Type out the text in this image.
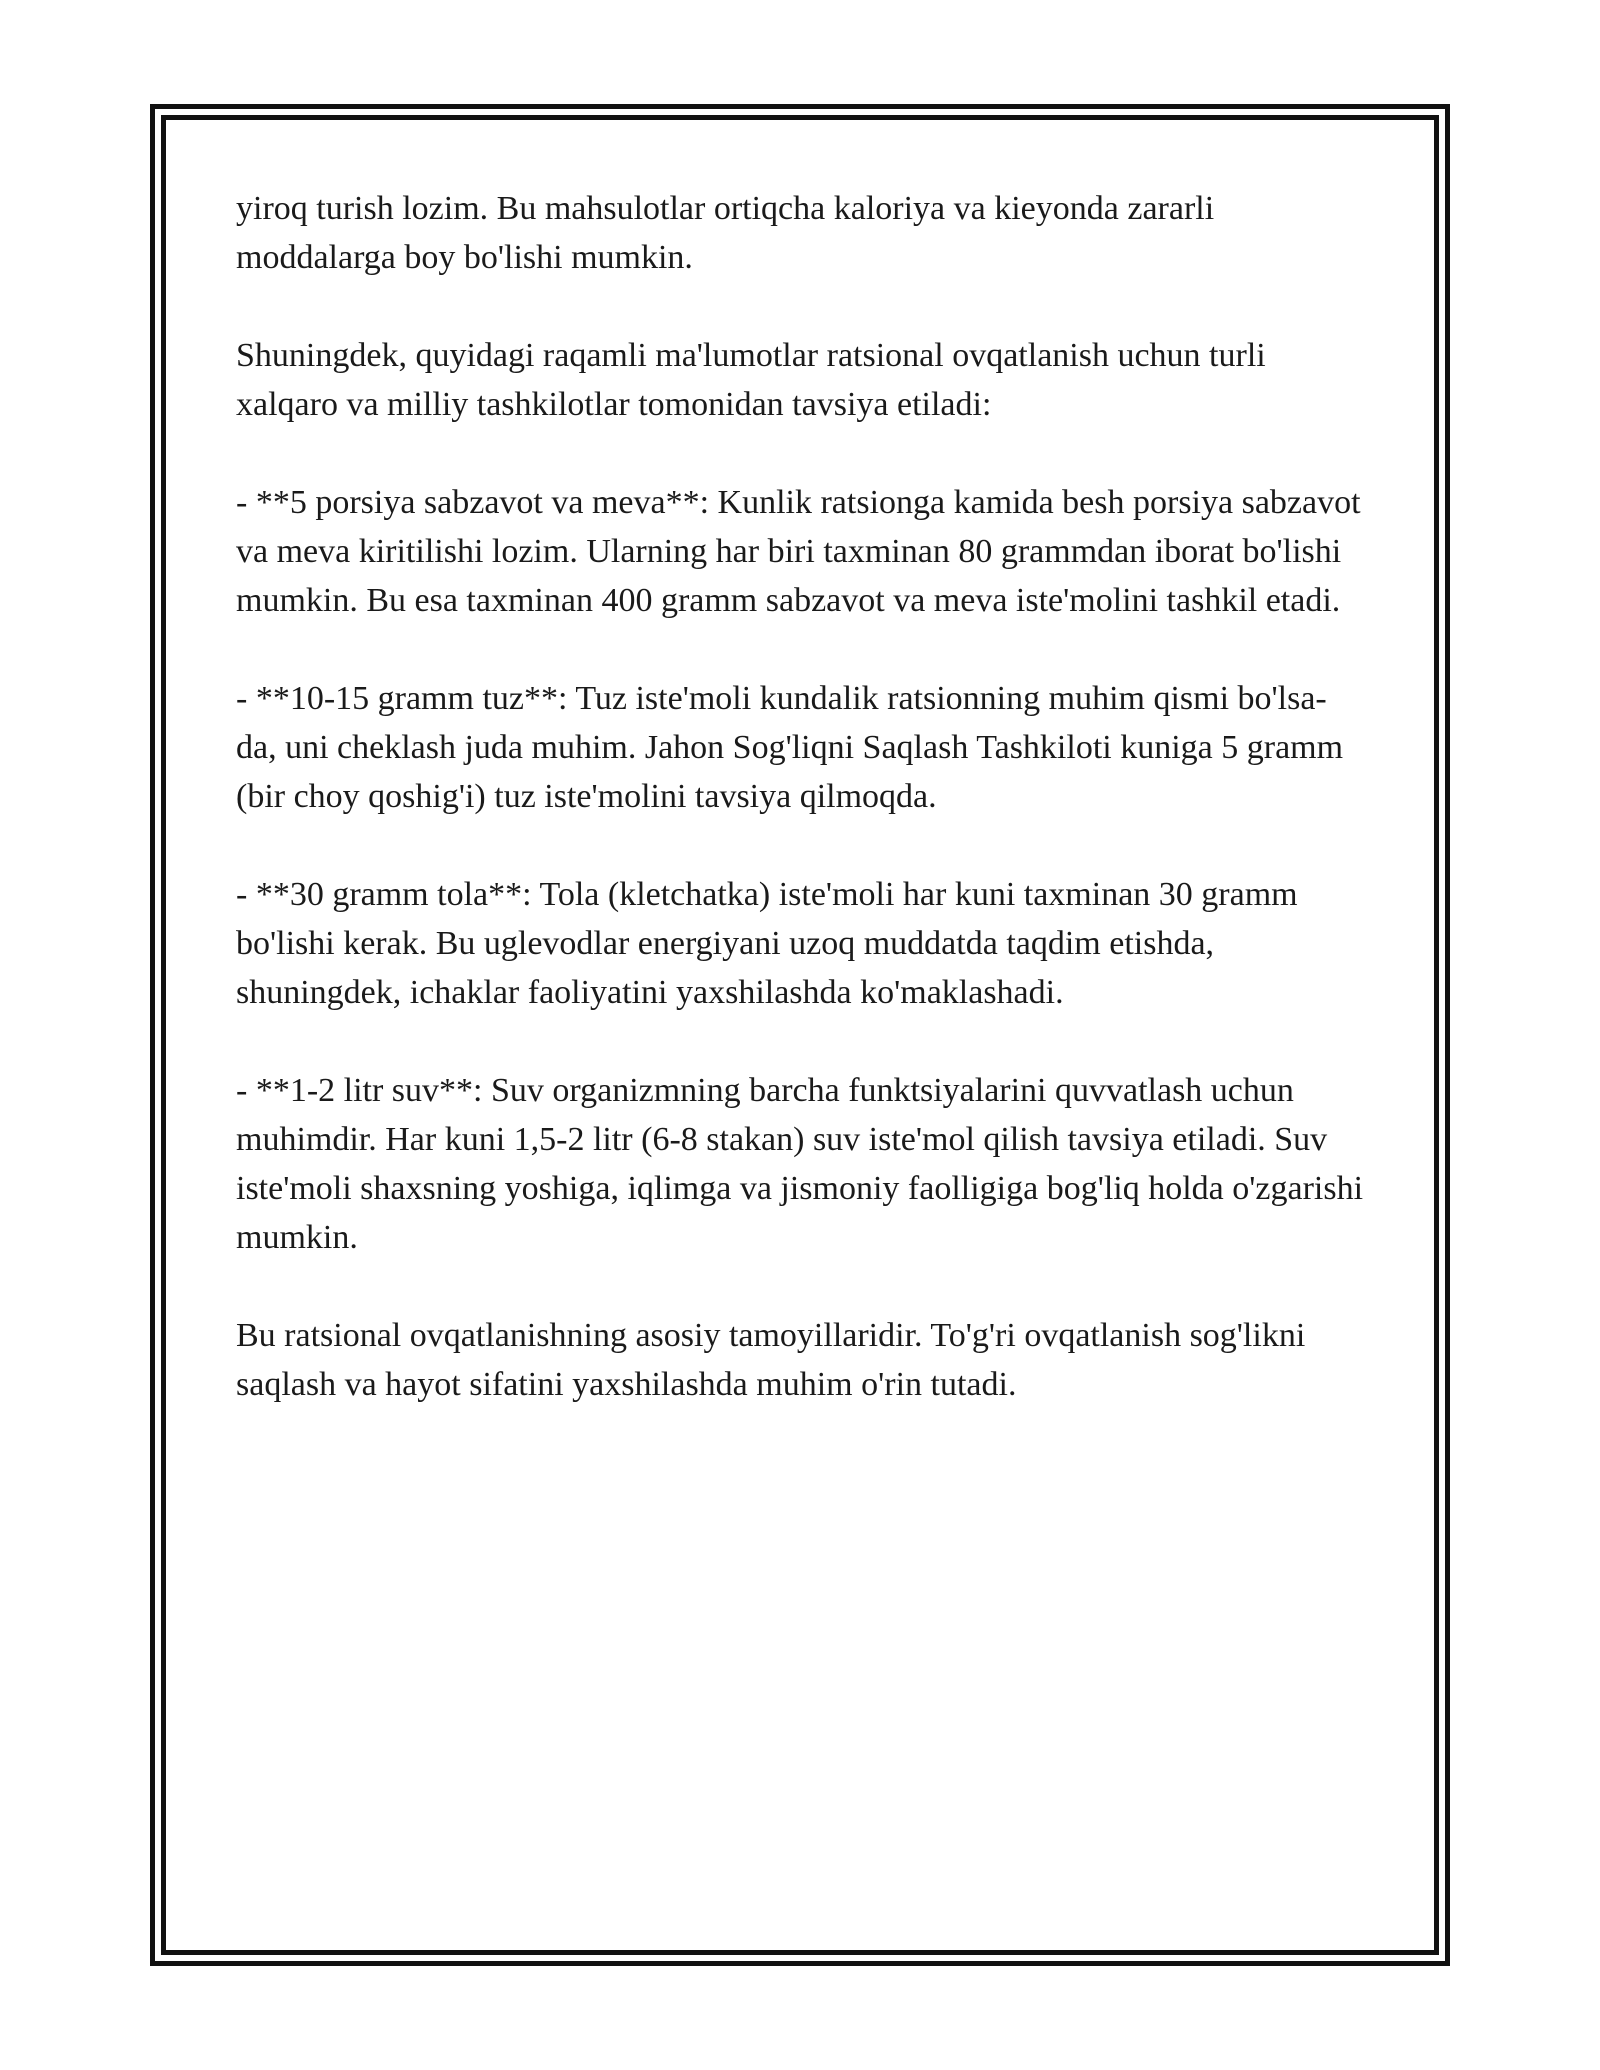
yiroq turish lozim. Bu mahsulotlar ortiqcha kaloriya va kieyonda zararli moddalarga boy bo'lishi mumkin.

Shuningdek, quyidagi raqamli ma'lumotlar ratsional ovqatlanish uchun turli xalqaro va milliy tashkilotlar tomonidan tavsiya etiladi:

- **5 porsiya sabzavot va meva**: Kunlik ratsionga kamida besh porsiya sabzavot va meva kiritilishi lozim. Ularning har biri taxminan 80 grammdan iborat bo'lishi mumkin. Bu esa taxminan 400 gramm sabzavot va meva iste'molini tashkil etadi.

- **10-15 gramm tuz**: Tuz iste'moli kundalik ratsionning muhim qismi bo'lsa-da, uni cheklash juda muhim. Jahon Sog'liqni Saqlash Tashkiloti kuniga 5 gramm (bir choy qoshig'i) tuz iste'molini tavsiya qilmoqda.

- **30 gramm tola**: Tola (kletchatka) iste'moli har kuni taxminan 30 gramm bo'lishi kerak. Bu uglevodlar energiyani uzoq muddatda taqdim etishda, shuningdek, ichaklar faoliyatini yaxshilashda ko'maklashadi.

- **1-2 litr suv**: Suv organizmning barcha funktsiyalarini quvvatlash uchun muhimdir. Har kuni 1,5-2 litr (6-8 stakan) suv iste'mol qilish tavsiya etiladi. Suv iste'moli shaxsning yoshiga, iqlimga va jismoniy faolligiga bog'liq holda o'zgarishi mumkin.

Bu ratsional ovqatlanishning asosiy tamoyillaridir. To'g'ri ovqatlanish sog'likni saqlash va hayot sifatini yaxshilashda muhim o'rin tutadi.
